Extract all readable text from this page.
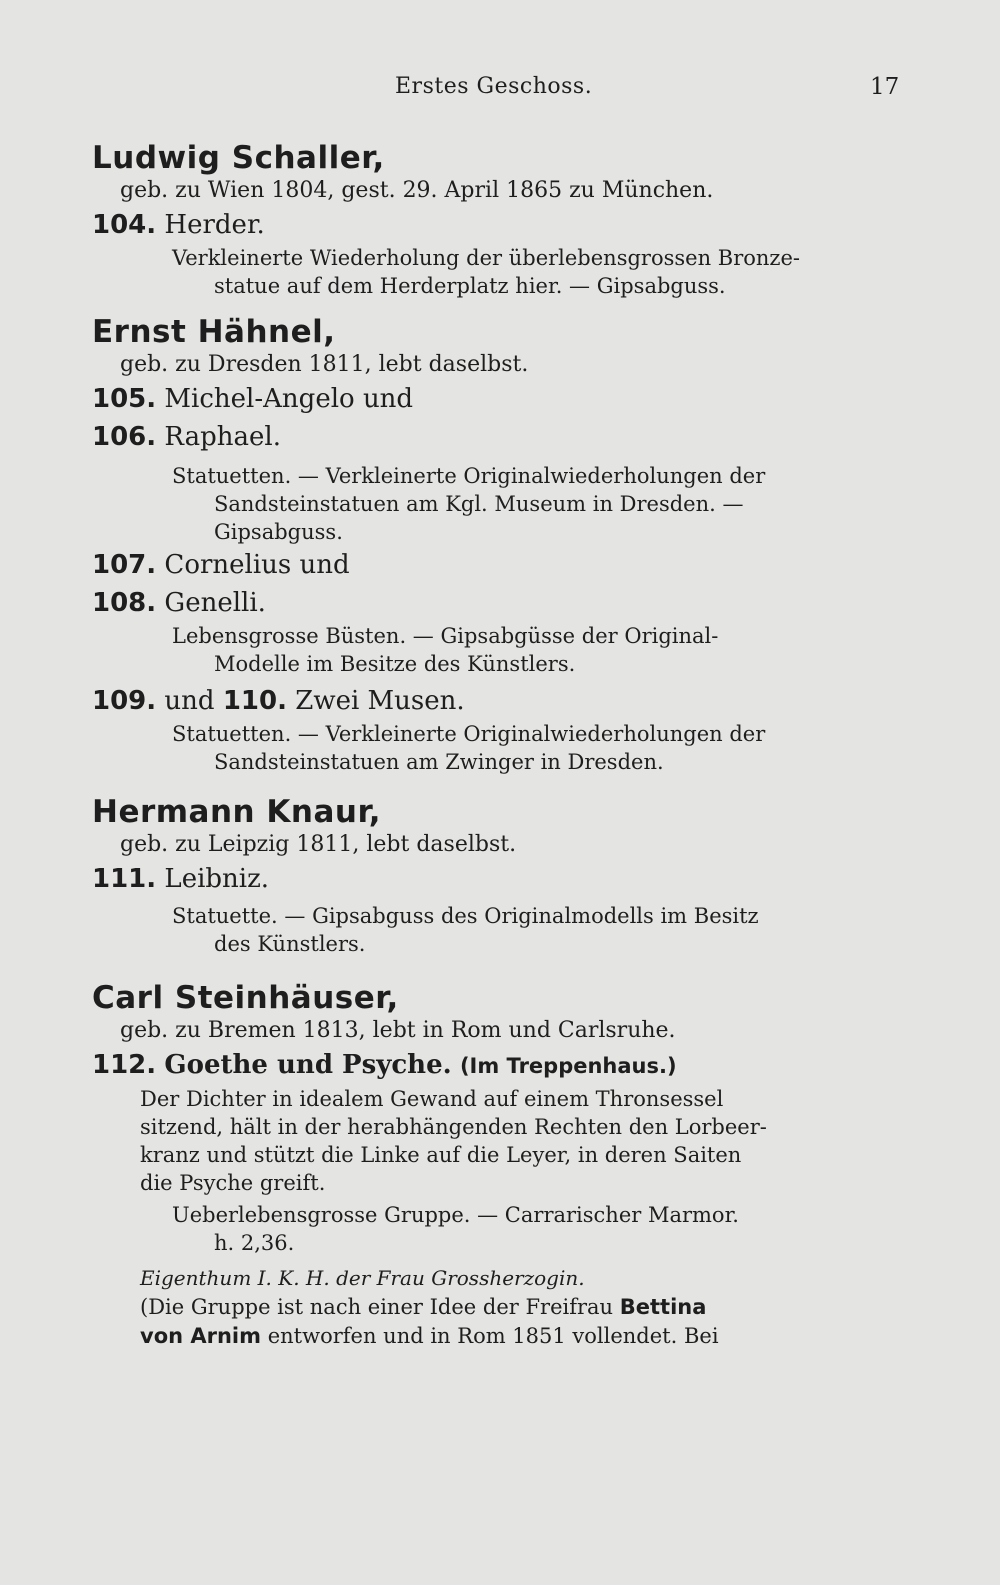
Erstes Geschoss.	17
Ludwig Schaller,
geb. zu Wien 1804, gest. 29. April 1865 zu München.
104. Herder.
Verkleinerte Wiederholung der überlebensgrossen Bronze-
statue auf dem Herderplatz hier. — Gipsabguss.
Ernst Hähnel,
geb. zu Dresden 1811, lebt daselbst.
105. Michel-Angelo und
106. Raphael.
Statuetten. — Verkleinerte Originalwiederholungen der
Sandsteinstatuen am Kgl. Museum in Dresden. —
Gipsabguss.
107. Cornelius und
108. Genelli.
Lebensgrosse Büsten. — Gipsabgüsse der Original-
Modelle im Besitze des Künstlers.
109. und 110. Zwei Musen.
Statuetten. — Verkleinerte Originalwiederholungen der
Sandsteinstatuen am Zwinger in Dresden.
Hermann Knaur,
geb. zu Leipzig 1811, lebt daselbst.
111. Leibniz.
Statuette. — Gipsabguss des Originalmodells im Besitz
des Künstlers.
Carl Steinhäuser,
geb. zu Bremen 1813, lebt in Rom und Carlsruhe.
112. Goethe und Psyche. (Im Treppenhaus.)
Der Dichter in idealem Gewand auf einem Thronsessel
sitzend, hält in der herabhängenden Rechten den Lorbeer-
kranz und stützt die Linke auf die Leyer, in deren Saiten
die Psyche greift.
Ueberlebensgrosse Gruppe. — Carrarischer Marmor.
h. 2,36.
Eigenthum I. K. H. der Frau Grossherzogin.
(Die Gruppe ist nach einer Idee der Freifrau Bettina
von Arnim entworfen und in Rom 1851 vollendet. Bei
